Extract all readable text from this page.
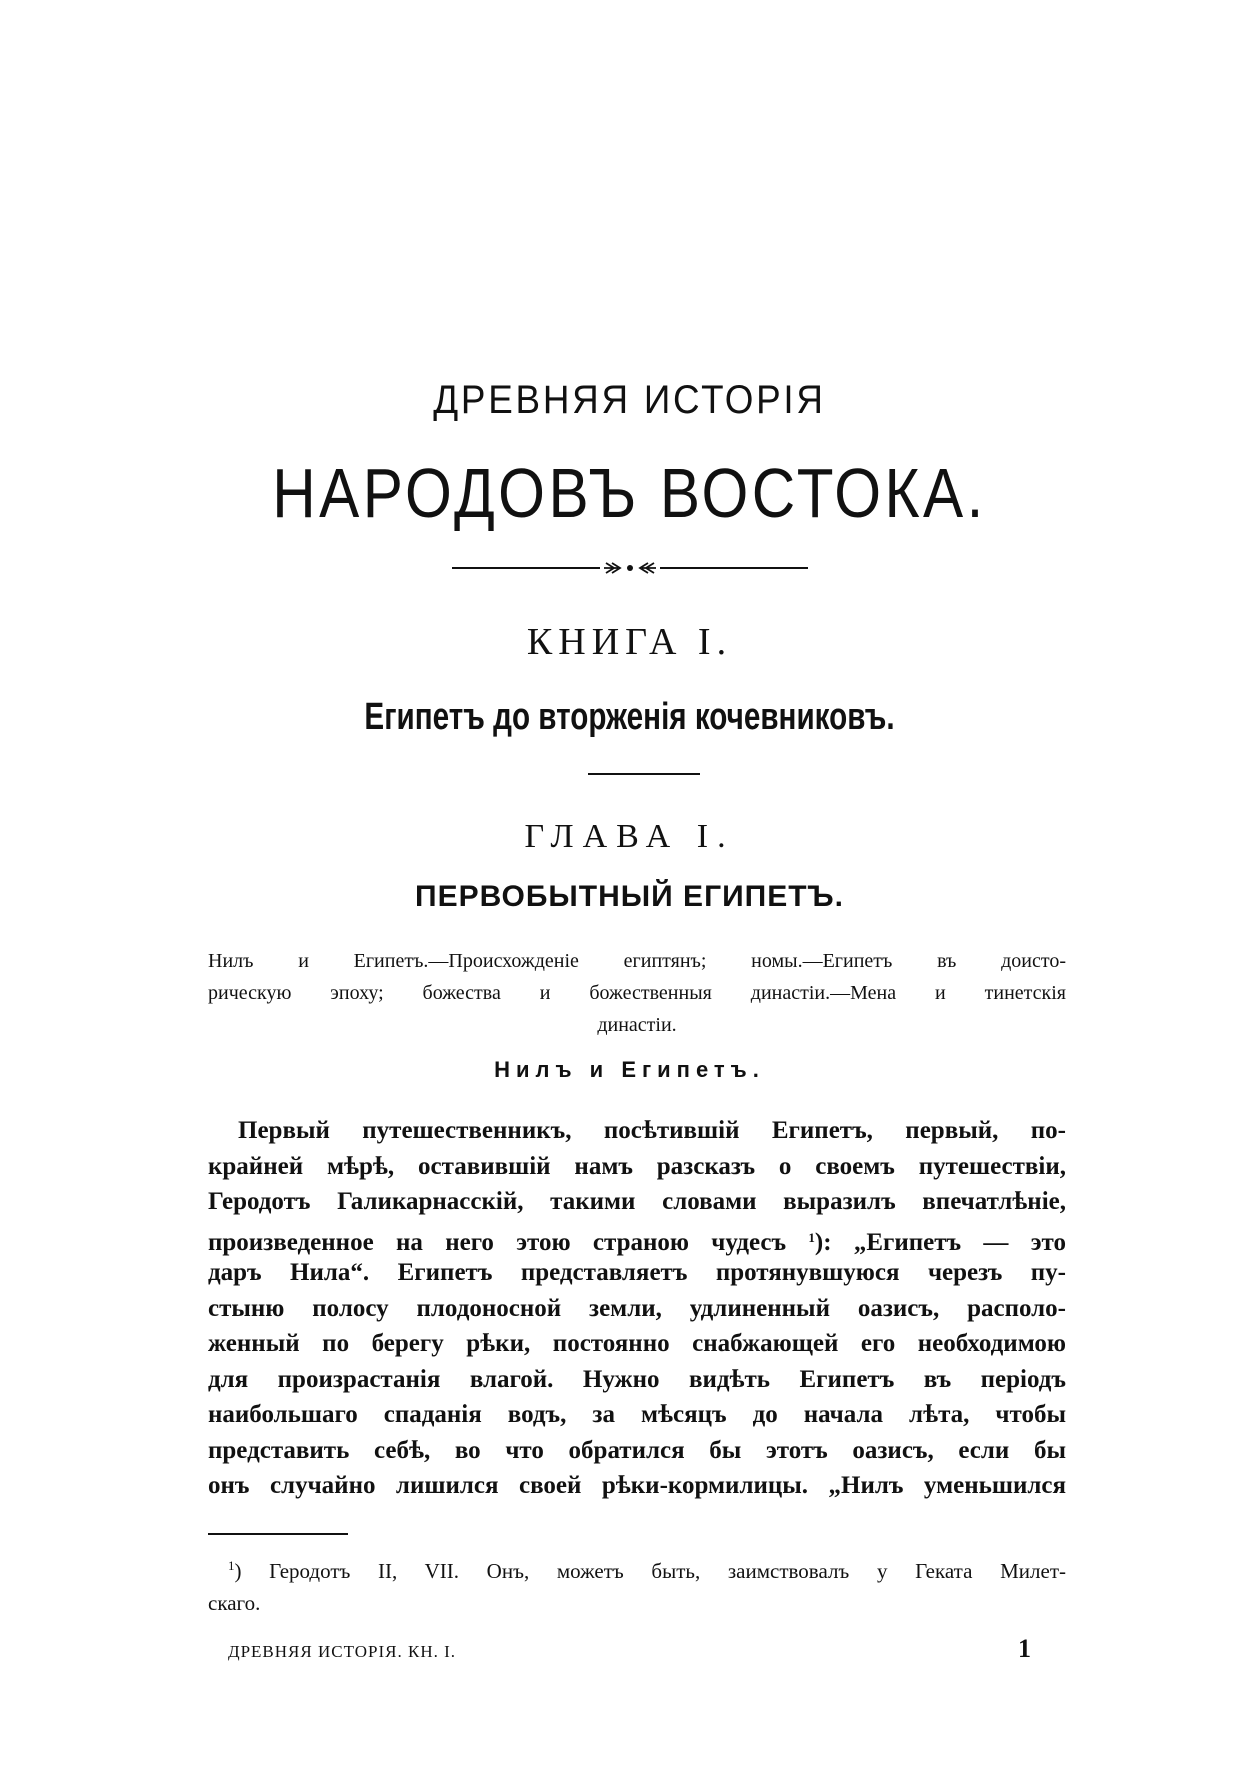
ДРЕВНЯЯ ИСТОРІЯ
НАРОДОВЪ ВОСТОКА.
КНИГА I.
Египетъ до вторженія кочевниковъ.
ГЛАВА I.
ПЕРВОБЫТНЫЙ ЕГИПЕТЪ.
Нилъ и Египетъ.—Происхожденіе египтянъ; номы.—Египетъ въ доисто-
рическую эпоху; божества и божественныя династіи.—Мена и тинетскія
династіи.
Нилъ и Египетъ.
Первый путешественникъ, посѣтившій Египетъ, первый, по-
крайней мѣрѣ, оставившій намъ разсказъ о своемъ путешествіи,
Геродотъ Галикарнасскій, такими словами выразилъ впечатлѣніе,
произведенное на него этою страною чудесъ $^1$): „Египетъ — это
даръ Нила“. Египетъ представляетъ протянувшуюся черезъ пу-
стыню полосу плодоносной земли, удлиненный оазисъ, располо-
женный по берегу рѣки, постоянно снабжающей его необходимою
для произрастанія влагой. Нужно видѣть Египетъ въ періодъ
наибольшаго спаданія водъ, за мѣсяцъ до начала лѣта, чтобы
представить себѣ, во что обратился бы этотъ оазисъ, если бы
онъ случайно лишился своей рѣки-кормилицы. „Нилъ уменьшился
$^1$) Геродотъ II, VII. Онъ, можетъ быть, заимствовалъ у Геката Милет-
скаго.
ДРЕВНЯЯ ИСТОРІЯ. КН. I.	1
